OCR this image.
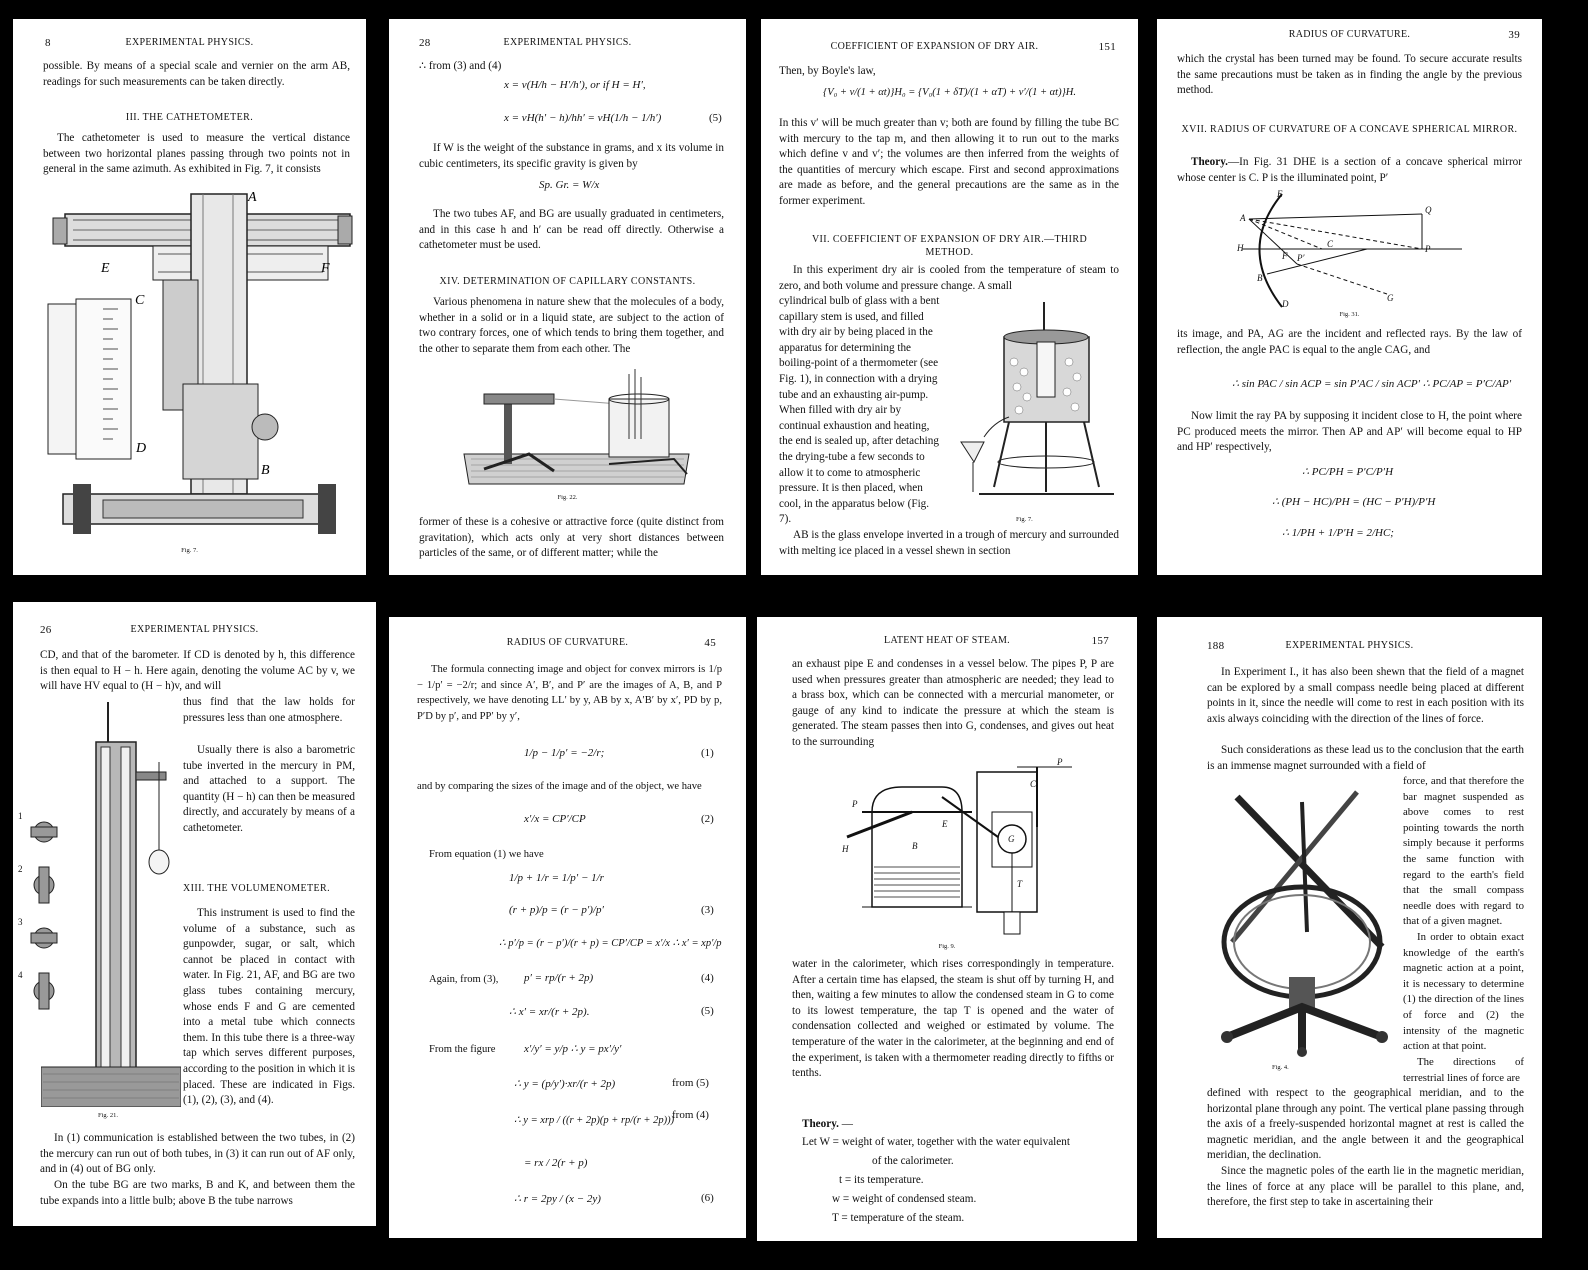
8	EXPERIMENTAL PHYSICS.
possible. By means of a special scale and vernier on the arm AB, readings for such measurements can be taken directly.
III. THE CATHETOMETER.
The cathetometer is used to measure the vertical distance between two horizontal planes passing through two points not in general in the same azimuth. As exhibited in Fig. 7, it consists
A
E	F
C
D
B
Fig. 7.
28	EXPERIMENTAL PHYSICS.
∴ from (3) and (4)
x = v(H/h − H′/h′), or if H = H′,
x = vH(h′ − h)/hh′ = vH(1/h − 1/h′)	(5)
If W is the weight of the substance in grams, and x its volume in cubic centimeters, its specific gravity is given by
Sp. Gr. = W/x
The two tubes AF, and BG are usually graduated in centimeters, and in this case h and h′ can be read off directly. Otherwise a cathetometer must be used.
XIV. DETERMINATION OF CAPILLARY CONSTANTS.
Various phenomena in nature shew that the molecules of a body, whether in a solid or in a liquid state, are subject to the action of two contrary forces, one of which tends to bring them together, and the other to separate them from each other. The
Fig. 22.
former of these is a cohesive or attractive force (quite distinct from gravitation), which acts only at very short distances between particles of the same, or of different matter; while the
COEFFICIENT OF EXPANSION OF DRY AIR.	151
Then, by Boyle's law,
{V₀ + v/(1 + αt)}H₀ = {V₀(1 + δT)/(1 + αT) + v′/(1 + αt)}H.
In this v′ will be much greater than v; both are found by filling the tube BC with mercury to the tap m, and then allowing it to run out to the marks which define v and v′; the volumes are then inferred from the weights of the quantities of mercury which escape. First and second approximations are made as before, and the general precautions are the same as in the former experiment.
VII. COEFFICIENT OF EXPANSION OF DRY AIR.—THIRD METHOD.
In this experiment dry air is cooled from the temperature of steam to zero, and both volume and pressure change. A small
cylindrical bulb of glass with a bent capillary stem is used, and filled with dry air by being placed in the apparatus for determining the boiling-point of a thermometer (see Fig. 1), in connection with a drying tube and an exhausting air-pump. When filled with dry air by continual exhaustion and heating, the end is sealed up, after detaching the drying-tube a few seconds to allow it to come to atmospheric pressure. It is then placed, when cool, in the apparatus below (Fig. 7).	Fig. 7.
AB is the glass envelope inverted in a trough of mercury and surrounded with melting ice placed in a vessel shewn in section
RADIUS OF CURVATURE.	39
which the crystal has been turned may be found. To secure accurate results the same precautions must be taken as in finding the angle by the previous method.
XVII. RADIUS OF CURVATURE OF A CONCAVE SPHERICAL MIRROR.
Theory.—In Fig. 31 DHE is a section of a concave spherical mirror whose center is C. P is the illuminated point, P′
E
A
H	C
P′
B
D
Q
P
G
F
Fig. 31.
its image, and PA, AG are the incident and reflected rays. By the law of reflection, the angle PAC is equal to the angle CAG, and
∴ sin PAC / sin ACP = sin P′AC / sin ACP′ ∴ PC/AP = P′C/AP′
Now limit the ray PA by supposing it incident close to H, the point where PC produced meets the mirror. Then AP and AP′ will become equal to HP and HP′ respectively,
∴ PC/PH = P′C/P′H
∴ (PH − HC)/PH = (HC − P′H)/P′H
∴ 1/PH + 1/P′H = 2/HC;
26	EXPERIMENTAL PHYSICS.
CD, and that of the barometer. If CD is denoted by h, this difference is then equal to H − h. Here again, denoting the volume AC by v, we will have HV equal to (H − h)v, and will
thus find that the law holds for pressures less than one atmosphere.
Usually there is also a barometric tube inverted in the mercury in PM, and attached to a support. The quantity (H − h) can then be measured directly, and accurately by means of a cathetometer.
XIII. THE VOLUMENOMETER.
This instrument is used to find the volume of a substance, such as gunpowder, sugar, or salt, which cannot be placed in contact with water. In Fig. 21, AF, and BG are two glass tubes containing mercury, whose ends F and G are cemented into a metal tube which connects them. In this tube there is a three-way tap which serves different purposes, according to the position in which it is placed. These are indicated in Figs. (1), (2), (3), and (4).
1
2
3
4
Fig. 21.
In (1) communication is established between the two tubes, in (2) the mercury can run out of both tubes, in (3) it can run out of AF only, and in (4) out of BG only.
On the tube BG are two marks, B and K, and between them the tube expands into a little bulb; above B the tube narrows
RADIUS OF CURVATURE.	45
The formula connecting image and object for convex mirrors is 1/p − 1/p′ = −2/r; and since A′, B′, and P′ are the images of A, B, and P respectively, we have denoting LL′ by y, AB by x, A′B′ by x′, PD by p, P′D by p′, and PP′ by y′,
1/p − 1/p′ = −2/r;	(1)
and by comparing the sizes of the image and of the object, we have
x′/x = CP′/CP	(2)
From equation (1) we have
1/p + 1/r = 1/p′ − 1/r
(r + p)/p = (r − p′)/p′	(3)
∴ p′/p = (r − p′)/(r + p) = CP′/CP = x′/x ∴ x′ = xp′/p
Again, from (3),	p′ = rp/(r + 2p)	(4)
∴ x′ = xr/(r + 2p).	(5)
From the figure	x′/y′ = y/p ∴ y = px′/y′
∴ y = (p/y′)·xr/(r + 2p)	from (5)
∴ y = xrp / ((r + 2p)(p + rp/(r + 2p)))
from (4)
= rx / 2(r + p)
∴ r = 2py / (x − 2y)	(6)
LATENT HEAT OF STEAM.	157
an exhaust pipe E and condenses in a vessel below. The pipes P, P are used when pressures greater than atmospheric are needed; they lead to a brass box, which can be connected with a mercurial manometer, or gauge of any kind to indicate the pressure at which the steam is generated. The steam passes then into G, condenses, and gives out heat to the surrounding
P
H	B
E
P
C
G
T
Fig. 9.
water in the calorimeter, which rises correspondingly in temperature. After a certain time has elapsed, the steam is shut off by turning H, and then, waiting a few minutes to allow the condensed steam in G to come to its lowest temperature, the tap T is opened and the water of condensation collected and weighed or estimated by volume. The temperature of the water in the calorimeter, at the beginning and end of the experiment, is taken with a thermometer reading directly to fifths or tenths.
Theory. —
Let W = weight of water, together with the water equivalent
of the calorimeter.
t = its temperature.
w = weight of condensed steam.
T = temperature of the steam.
188	EXPERIMENTAL PHYSICS.
In Experiment I., it has also been shewn that the field of a magnet can be explored by a small compass needle being placed at different points in it, since the needle will come to rest in each position with its axis always coinciding with the direction of the lines of force.
Such considerations as these lead us to the conclusion that the earth is an immense magnet surrounded with a field of
force, and that therefore the bar magnet suspended as above comes to rest pointing towards the north simply because it performs the same function with regard to the earth's field that the small compass needle does with regard to that of a given magnet.
In order to obtain exact knowledge of the earth's magnetic action at a point, it is necessary to determine (1) the direction of the lines of force and (2) the intensity of the magnetic action at that point.
The directions of terrestrial lines of force are
Fig. 4.
defined with respect to the geographical meridian, and to the horizontal plane through any point. The vertical plane passing through the axis of a freely-suspended horizontal magnet at rest is called the magnetic meridian, and the angle between it and the geographical meridian, the declination.
Since the magnetic poles of the earth lie in the magnetic meridian, the lines of force at any place will be parallel to this plane, and, therefore, the first step to take in ascertaining their
